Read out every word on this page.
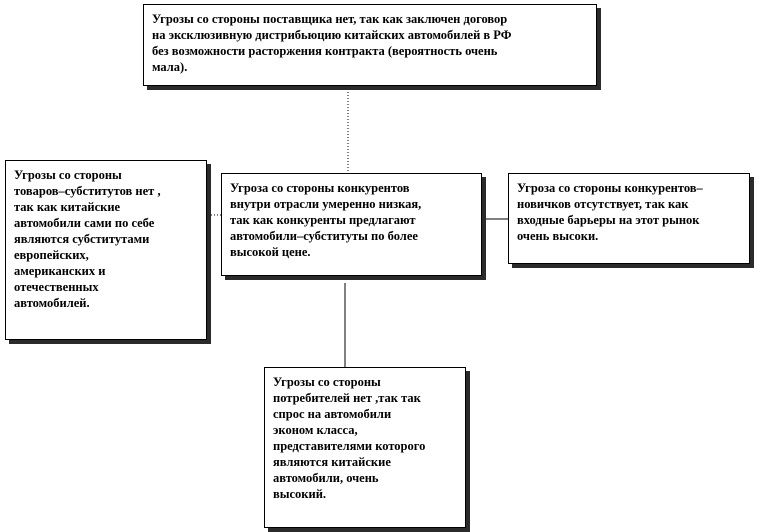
Угрозы со стороны поставщика нет, так как заключен договор
на эксклюзивную дистрибьюцию китайских автомобилей в РФ
без возможности расторжения контракта (вероятность очень
мала).
Угрозы со стороны
товаров–субститутов нет ,
так как китайские
автомобили сами по себе
являются субститутами
европейских,
американских и
отечественных
автомобилей.
Угроза со стороны конкурентов
внутри отрасли умеренно низкая,
так как конкуренты предлагают
автомобили–субституты по более
высокой цене.
Угроза со стороны конкурентов–
новичков отсутствует, так как
входные барьеры на этот рынок
очень высоки.
Угрозы со стороны
потребителей нет ,так так
спрос на автомобили
эконом класса,
представителями которого
являются китайские
автомобили, очень
высокий.
